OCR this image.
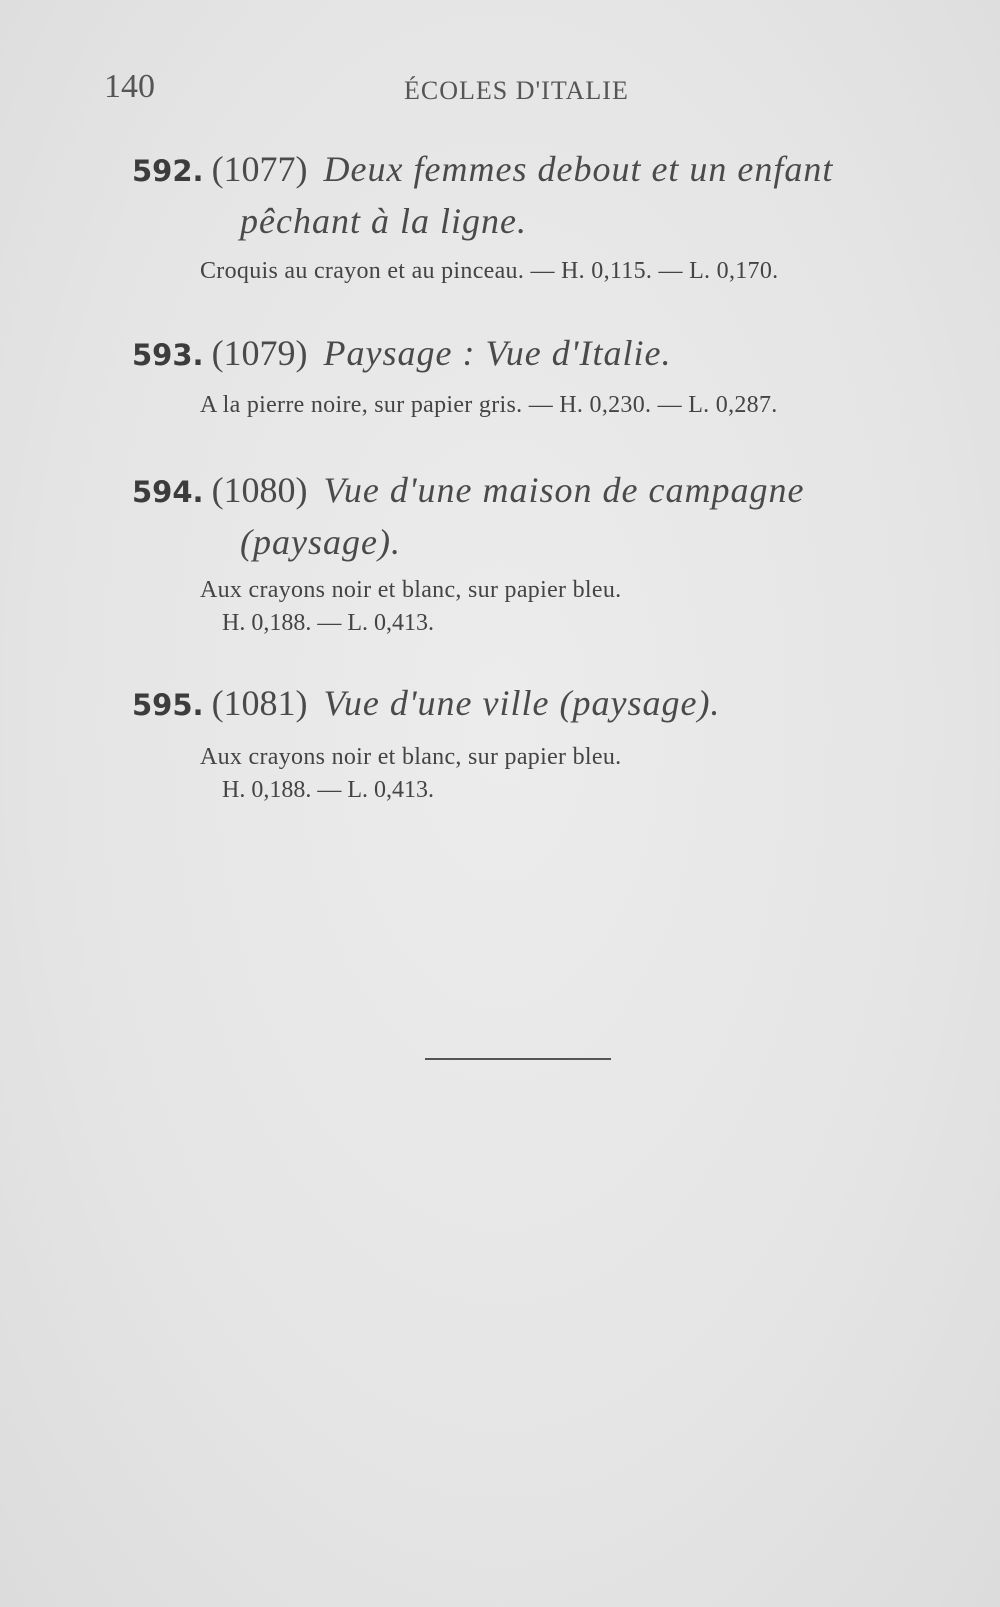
140	ÉCOLES D'ITALIE
592. (1077) Deux femmes debout et un enfant
pêchant à la ligne.
Croquis au crayon et au pinceau. — H. 0,115. — L. 0,170.
593. (1079) Paysage : Vue d'Italie.
A la pierre noire, sur papier gris. — H. 0,230. — L. 0,287.
594. (1080) Vue d'une maison de campagne
(paysage).
Aux crayons noir et blanc, sur papier bleu.
H. 0,188. — L. 0,413.
595. (1081) Vue d'une ville (paysage).
Aux crayons noir et blanc, sur papier bleu.
H. 0,188. — L. 0,413.
